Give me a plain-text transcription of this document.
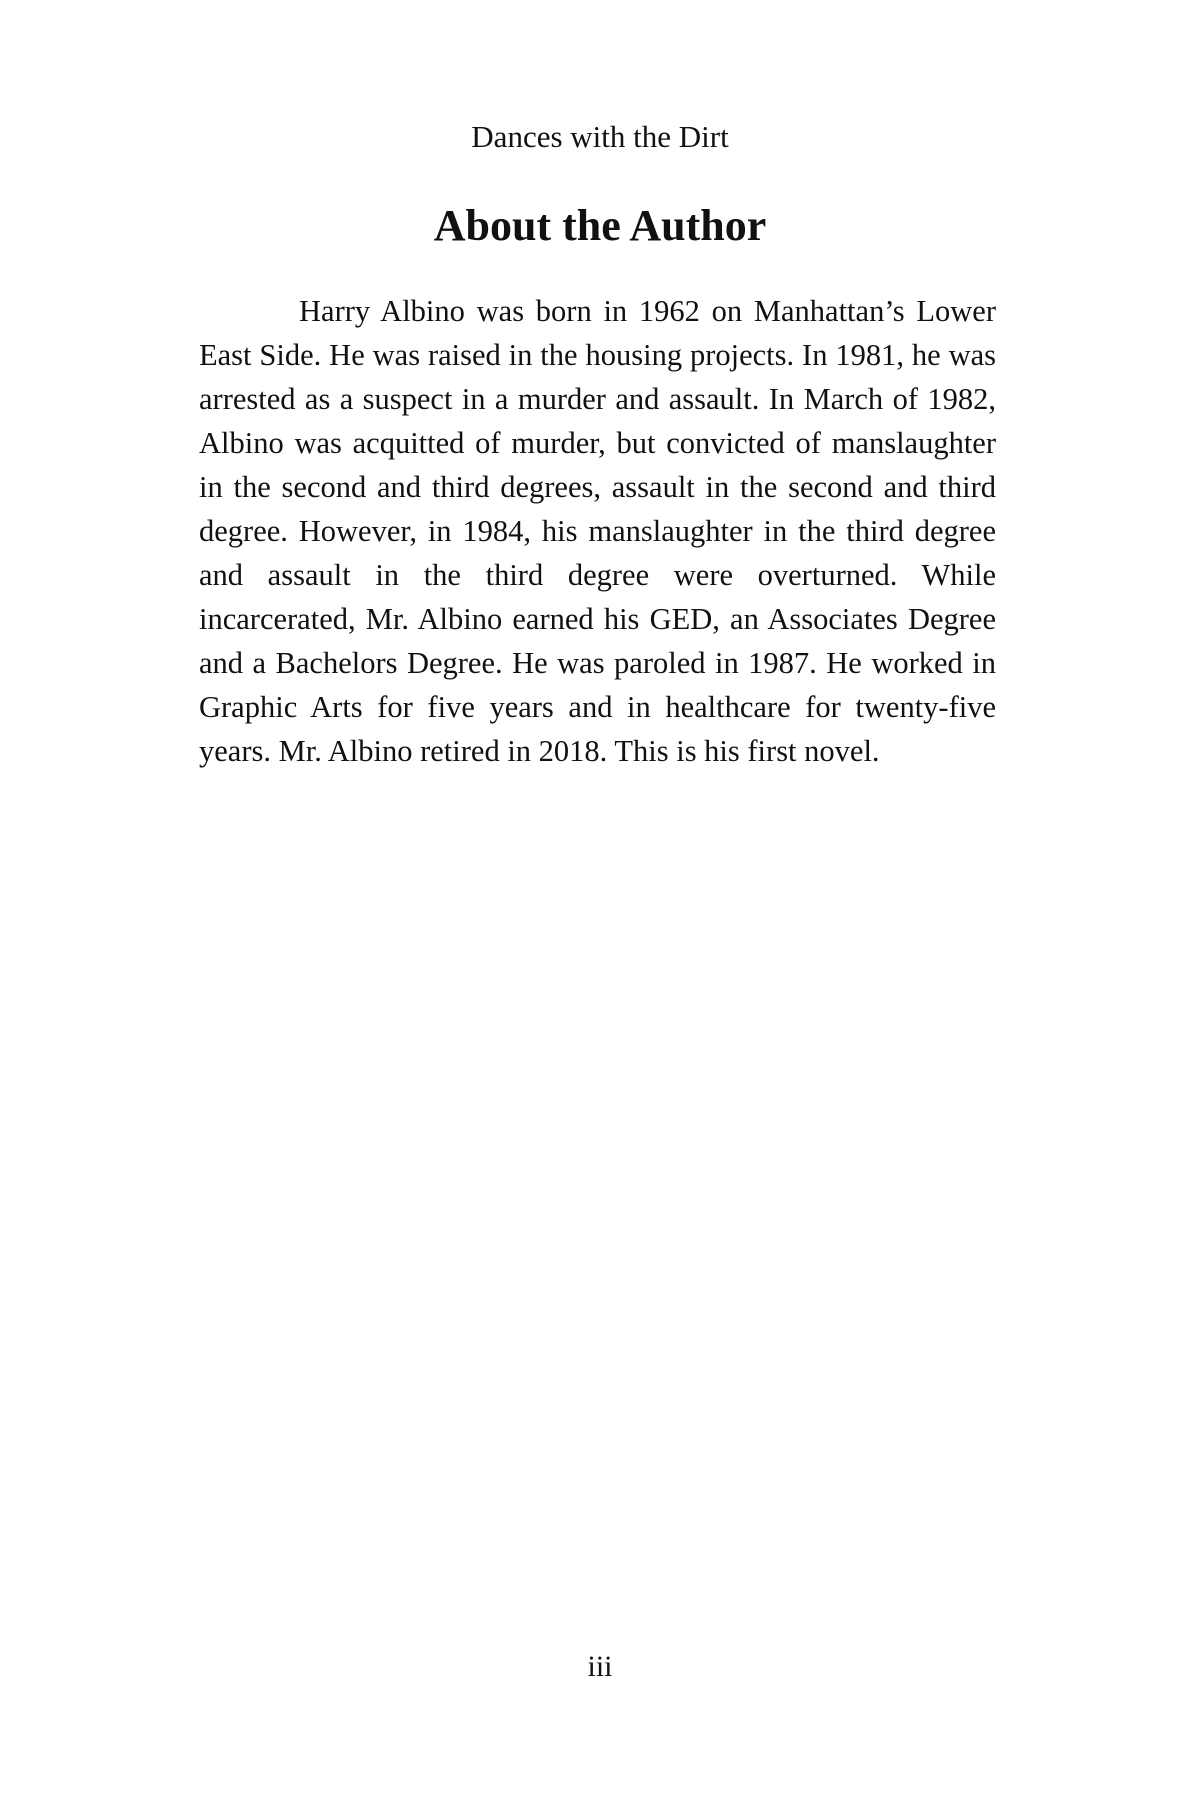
Dances with the Dirt
About the Author

Harry Albino was born in 1962 on Manhattan’s Lower East Side. He was raised in the housing projects. In 1981, he was arrested as a suspect in a murder and assault. In March of 1982, Albino was acquitted of murder, but convicted of manslaughter in the second and third degrees, assault in the second and third degree. However, in 1984, his manslaughter in the third degree and assault in the third degree were overturned. While incarcerated, Mr. Albino earned his GED, an Associates Degree and a Bachelors Degree. He was paroled in 1987. He worked in Graphic Arts for five years and in healthcare for twenty-five years. Mr. Albino retired in 2018. This is his first novel.

iii
